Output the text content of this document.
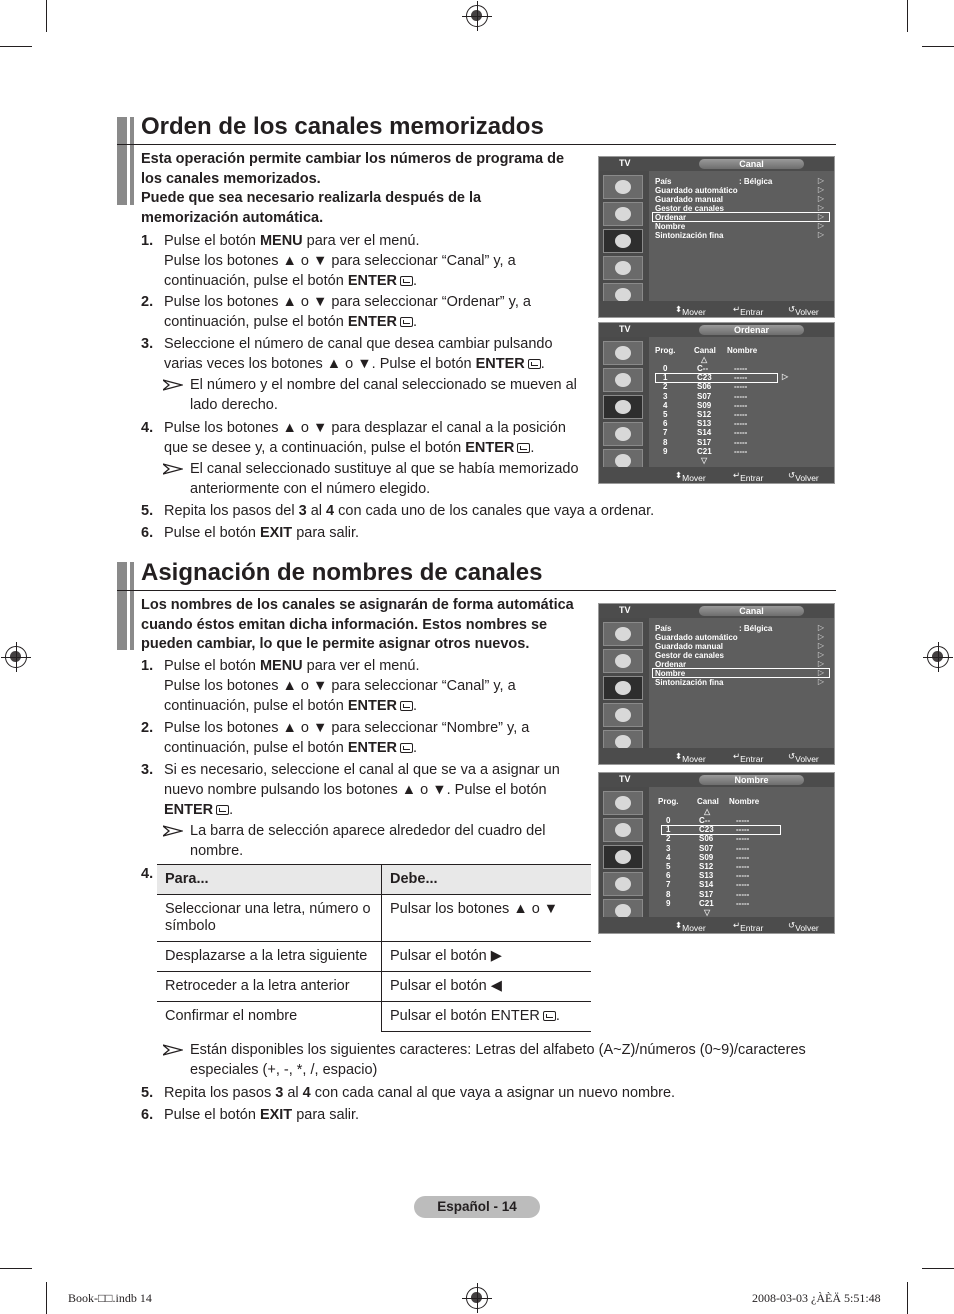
Orden de los canales memorizados
Esta operación permite cambiar los números de programa de
los canales memorizados.
Puede que sea necesario realizarla después de la
memorización automática.
1. Pulse el botón MENU para ver el menú.
Pulse los botones ▲ o ▼ para seleccionar “Canal” y, a
continuación, pulse el botón ENTER .
2. Pulse los botones ▲ o ▼ para seleccionar “Ordenar” y, a
continuación, pulse el botón ENTER .
3. Seleccione el número de canal que desea cambiar pulsando
varias veces los botones ▲ o ▼. Pulse el botón ENTER .
El número y el nombre del canal seleccionado se mueven al
lado derecho.
4. Pulse los botones ▲ o ▼ para desplazar el canal a la posición
que se desee y, a continuación, pulse el botón ENTER .
El canal seleccionado sustituye al que se había memorizado
anteriormente con el número elegido.
5. Repita los pasos del 3 al 4 con cada uno de los canales que vaya a ordenar.
6. Pulse el botón EXIT para salir.
TV	Canal
País	: Bélgica	▷
Guardado automático	▷
Guardado manual	▷
Gestor de canales	▷
Ordenar	▷
Nombre	▷
Sintonización fina	▷
⬍ Mover	↵ Entrar	↺ Volver
TV	Ordenar
Prog. Canal Nombre
△
▷
▽
0	C--	-----
1	C23	-----
2	S06	-----
3	S07	-----
4	S09	-----
5	S12	-----
6	S13	-----
7	S14	-----
8	S17	-----
9	C21	-----
⬍ Mover	↵ Entrar	↺ Volver
Asignación de nombres de canales
Los nombres de los canales se asignarán de forma automática
cuando éstos emitan dicha información. Estos nombres se
pueden cambiar, lo que le permite asignar otros nuevos.
1. Pulse el botón MENU para ver el menú.
Pulse los botones ▲ o ▼ para seleccionar “Canal” y, a
continuación, pulse el botón ENTER .
2. Pulse los botones ▲ o ▼ para seleccionar “Nombre” y, a
continuación, pulse el botón ENTER .
3. Si es necesario, seleccione el canal al que se va a asignar un
nuevo nombre pulsando los botones ▲ o ▼. Pulse el botón
ENTER .
La barra de selección aparece alrededor del cuadro del
nombre.
4. Para...	Debe...
Seleccionar una letra, número o símbolo	Pulsar los botones ▲ o ▼
Desplazarse a la letra siguiente	Pulsar el botón ▶
Retroceder a la letra anterior	Pulsar el botón ◀
Confirmar el nombre	Pulsar el botón ENTER .
Están disponibles los siguientes caracteres: Letras del alfabeto (A~Z)/números (0~9)/caracteres
especiales (+, -, *, /, espacio)
5. Repita los pasos 3 al 4 con cada canal al que vaya a asignar un nuevo nombre.
6. Pulse el botón EXIT para salir.
TV	Canal
País	: Bélgica	▷
Guardado automático	▷
Guardado manual	▷
Gestor de canales	▷
Ordenar	▷
Nombre	▷
Sintonización fina	▷
⬍ Mover	↵ Entrar	↺ Volver
TV	Nombre
Prog. Canal Nombre
△
▽
0	C--	-----
1	C23	-----
2	S06	-----
3	S07	-----
4	S09	-----
5	S12	-----
6	S13	-----
7	S14	-----
8	S17	-----
9	C21	-----
⬍ Mover	↵ Entrar	↺ Volver
Español - 14
Book-□□.indb 14	2008-03-03 ¿ÀÈÄ 5:51:48
